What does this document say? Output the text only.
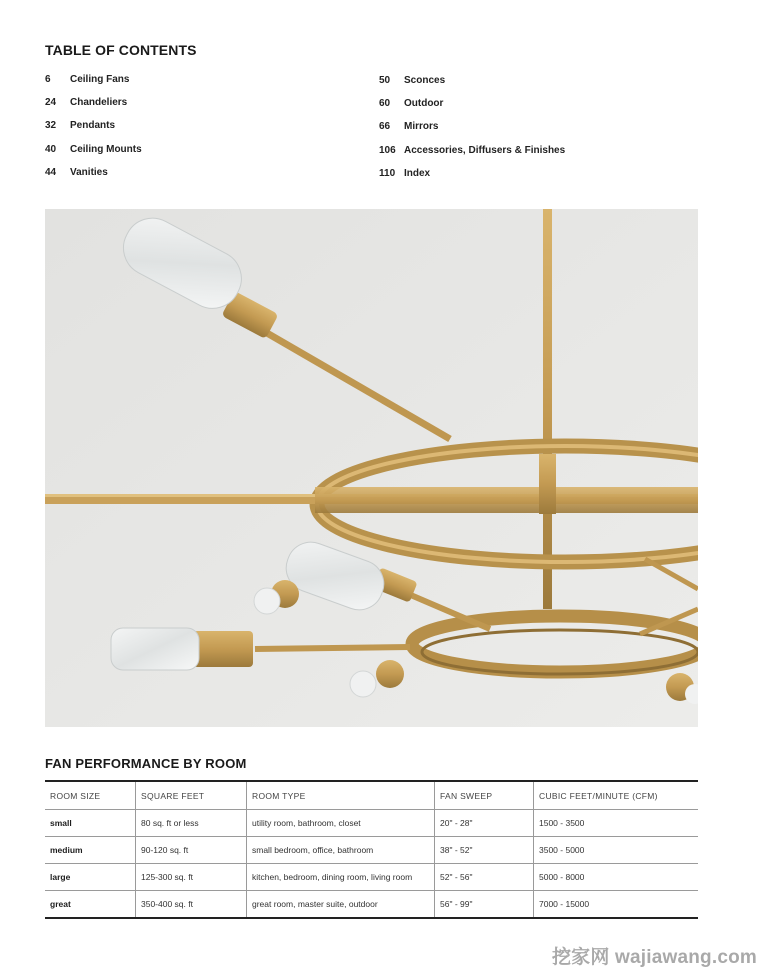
TABLE OF CONTENTS
6	Ceiling Fans
24	Chandeliers
32	Pendants
40	Ceiling Mounts
44	Vanities
50	Sconces
60	Outdoor
66	Mirrors
106 Accessories, Diffusers & Finishes
110 Index
FAN PERFORMANCE BY ROOM
ROOM SIZE	SQUARE FEET	ROOM TYPE	FAN SWEEP	CUBIC FEET/MINUTE (CFM)
small	80 sq. ft or less	utility room, bathroom, closet	20" - 28"	1500 - 3500
medium	90-120 sq. ft	small bedroom, office, bathroom	38" - 52"	3500 - 5000
large	125-300 sq. ft	kitchen, bedroom, dining room, living room	52" - 56"	5000 - 8000
great	350-400 sq. ft	great room, master suite, outdoor	56" - 99"	7000 - 15000
挖家网 wajiawang.com
